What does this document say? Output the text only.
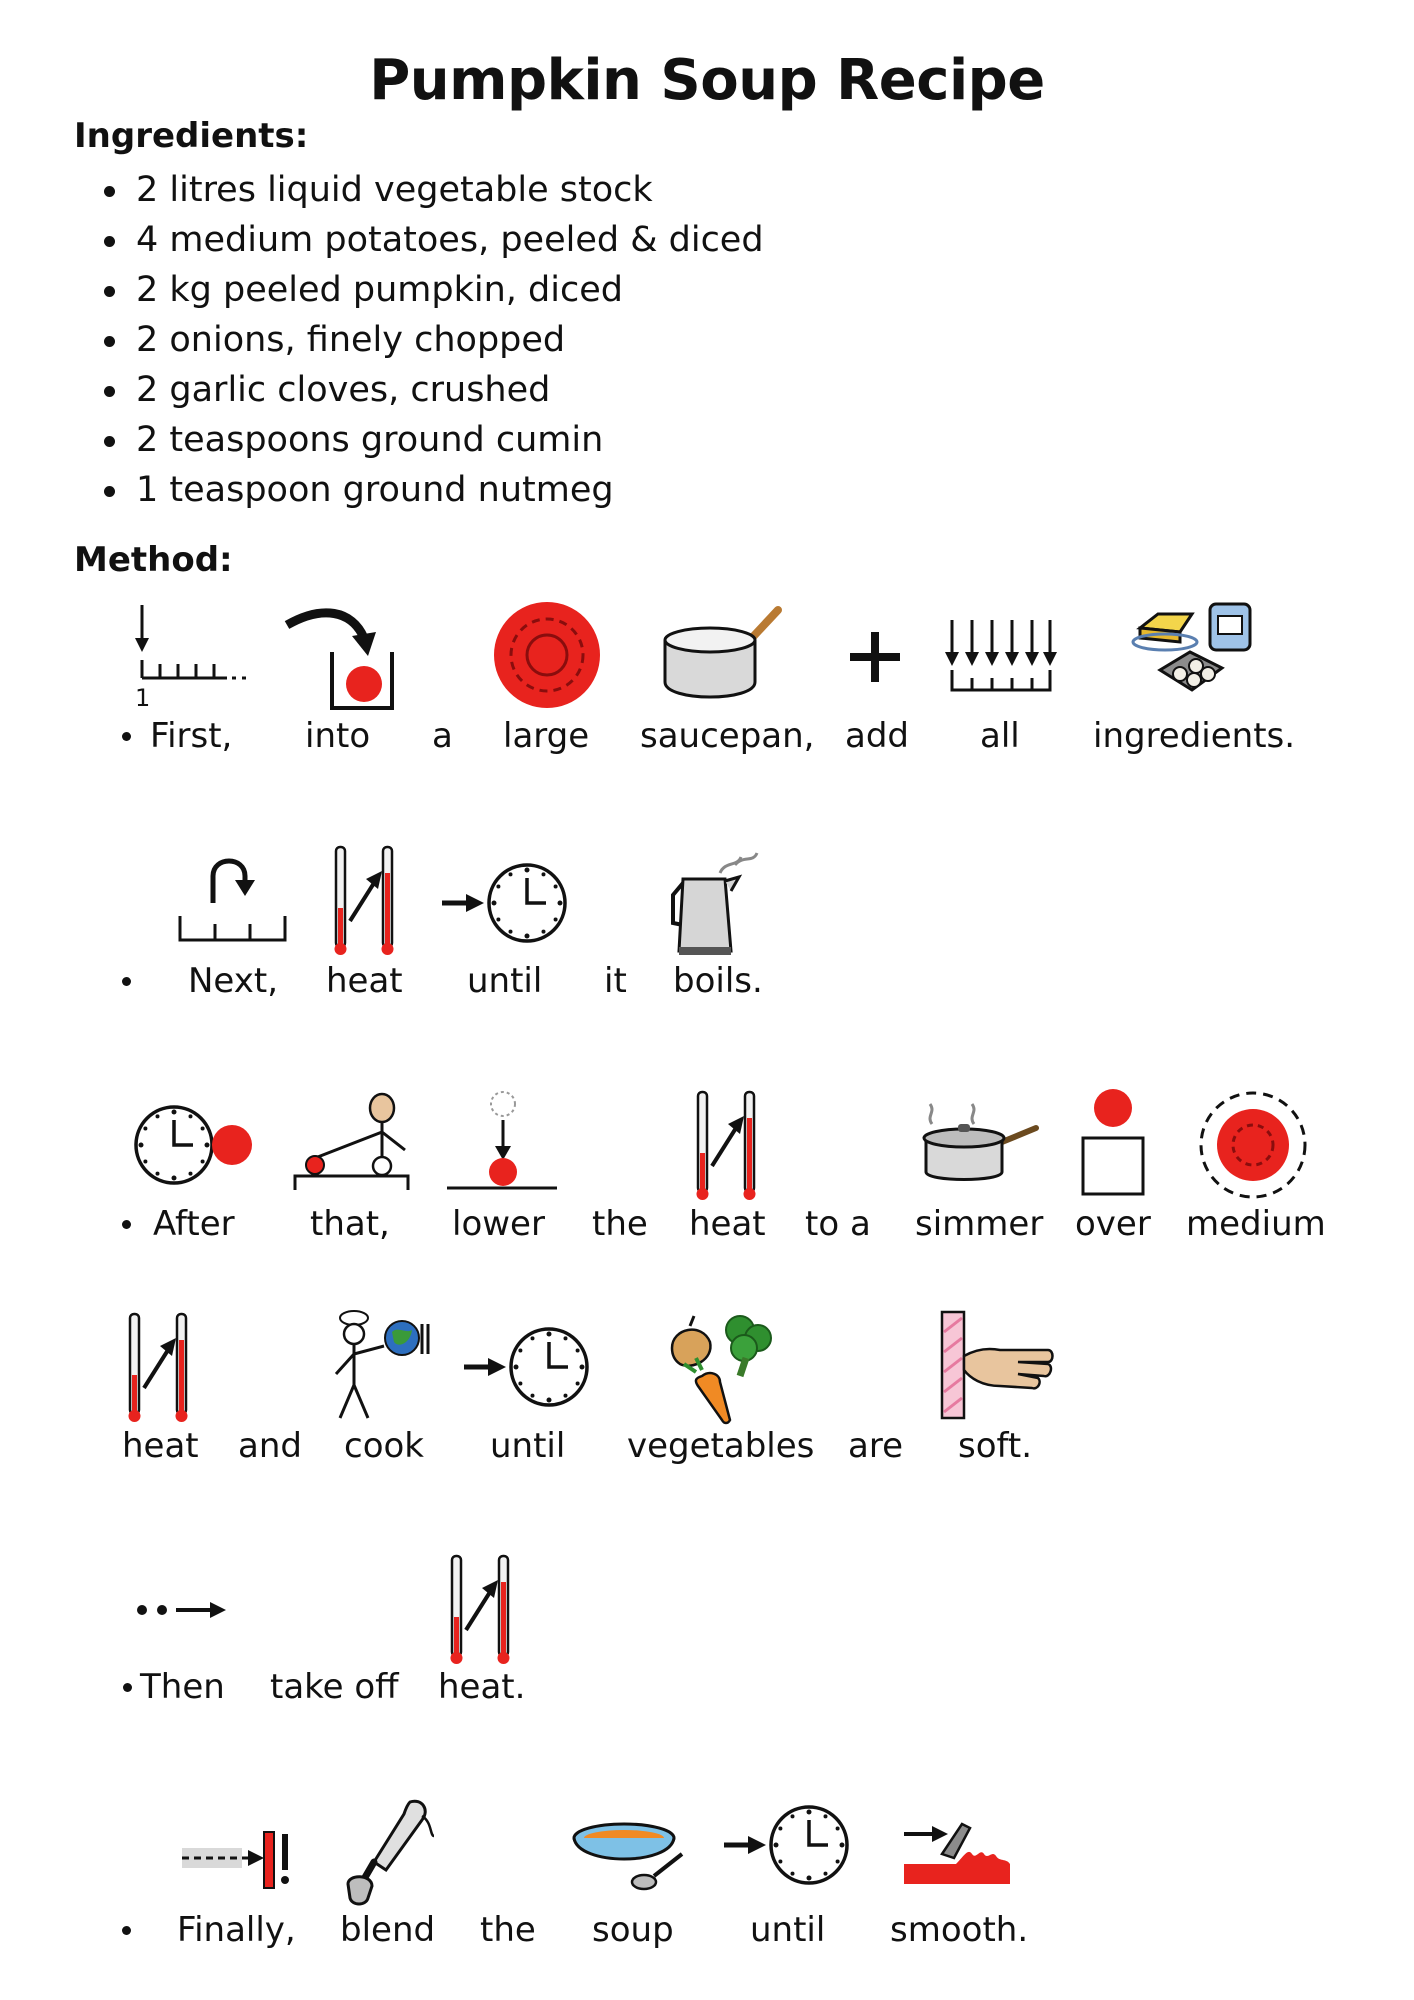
Pumpkin Soup Recipe
Ingredients:
2 litres liquid vegetable stock
4 medium potatoes, peeled & diced
2 kg peeled pumpkin, diced
2 onions, finely chopped
2 garlic cloves, crushed
2 teaspoons ground cumin
1 teaspoon ground nutmeg
Method:
1
First, into a large saucepan, add all ingredients.
Next, heat until it boils.
After that, lower the heat to a simmer over medium
heat and cook until vegetables are soft.
Then take off heat.
Finally, blend the soup until smooth.
